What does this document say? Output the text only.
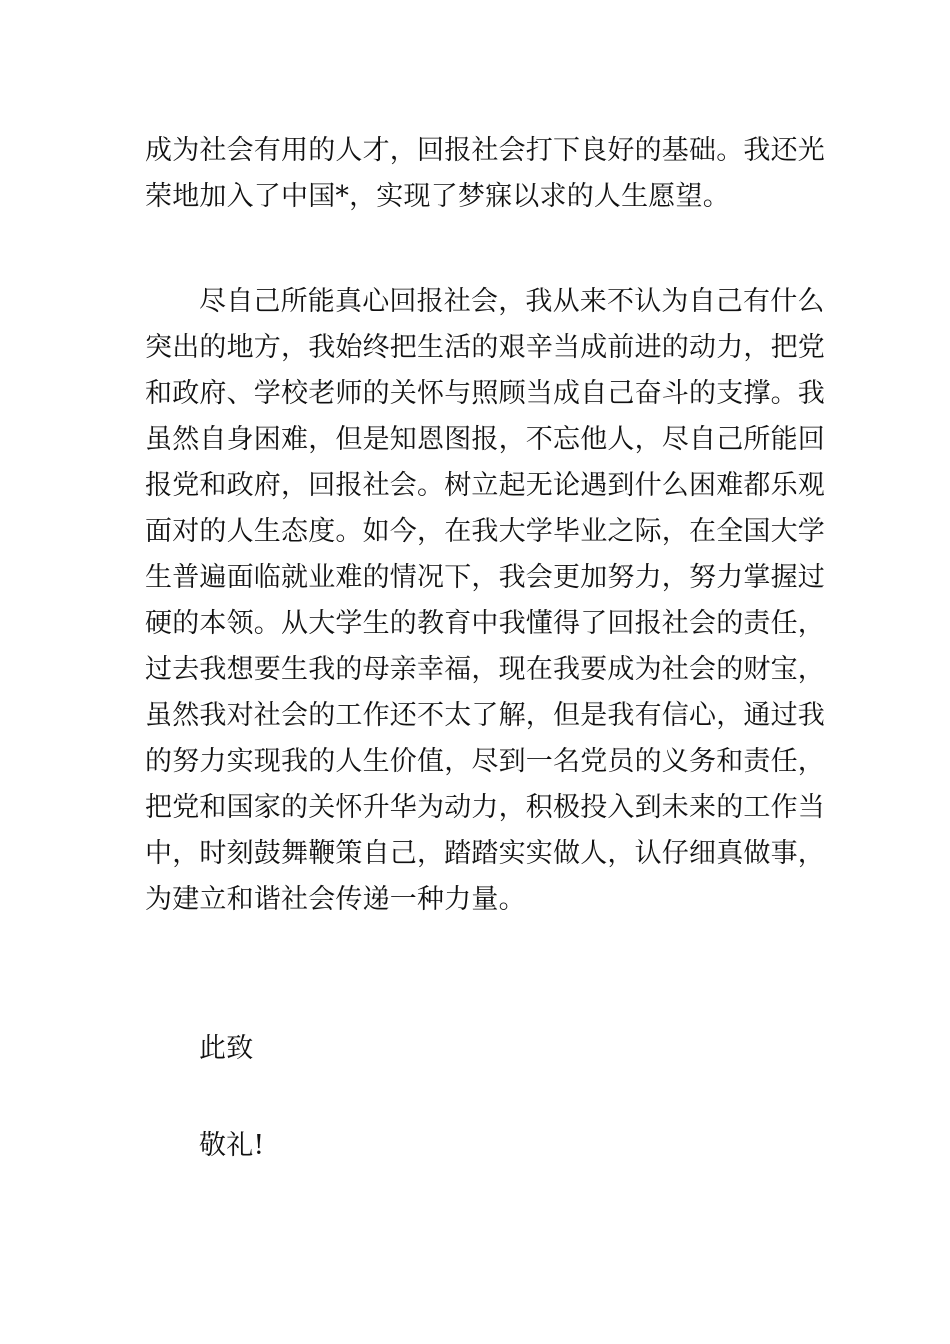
成为社会有用的人才，回报社会打下良好的基础。我还光
荣地加入了中国*，实现了梦寐以求的人生愿望。
尽自己所能真心回报社会，我从来不认为自己有什么
突出的地方，我始终把生活的艰辛当成前进的动力，把党
和政府、学校老师的关怀与照顾当成自己奋斗的支撑。我
虽然自身困难，但是知恩图报，不忘他人，尽自己所能回
报党和政府，回报社会。树立起无论遇到什么困难都乐观
面对的人生态度。如今，在我大学毕业之际，在全国大学
生普遍面临就业难的情况下，我会更加努力，努力掌握过
硬的本领。从大学生的教育中我懂得了回报社会的责任，
过去我想要生我的母亲幸福，现在我要成为社会的财宝，
虽然我对社会的工作还不太了解，但是我有信心，通过我
的努力实现我的人生价值，尽到一名党员的义务和责任，
把党和国家的关怀升华为动力，积极投入到未来的工作当
中，时刻鼓舞鞭策自己，踏踏实实做人，认仔细真做事，
为建立和谐社会传递一种力量。
此致
敬礼!
